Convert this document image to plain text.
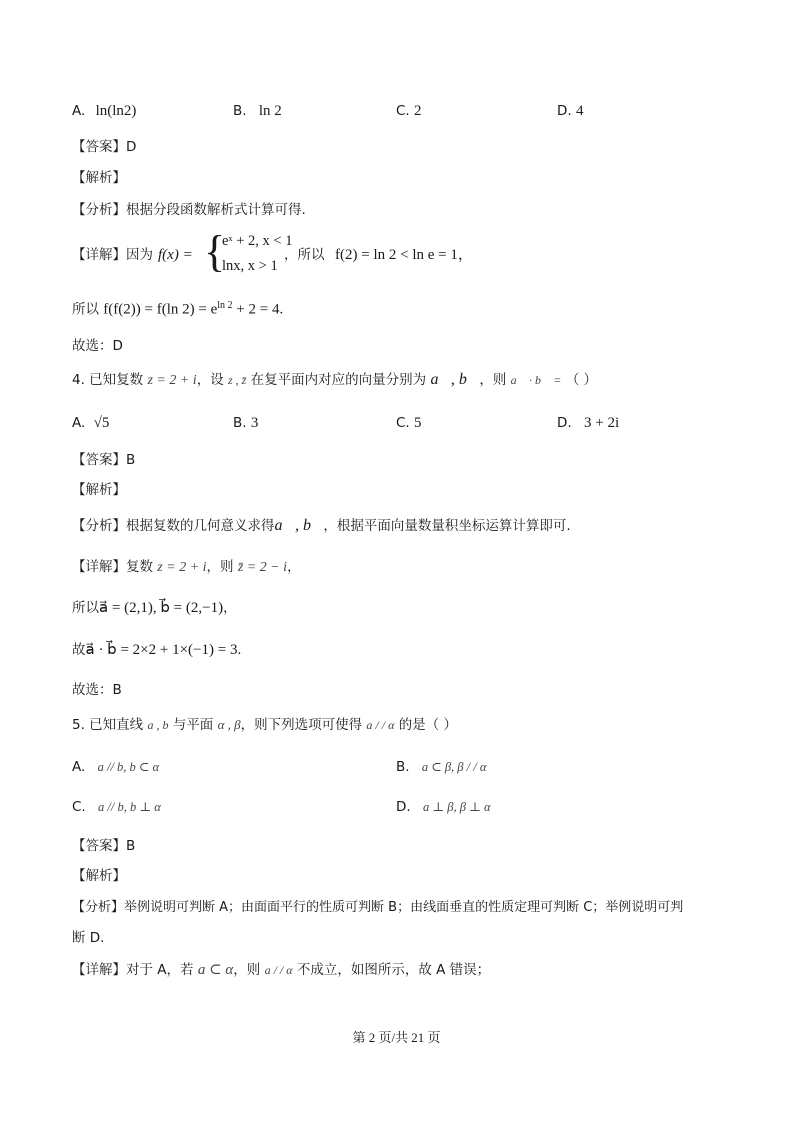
A. ln(ln2)	B. ln 2	C. 2	D. 4
【答案】D
【解析】
【分析】根据分段函数解析式计算可得.
【详解】因为 f(x) = {
eˣ + 2, x < 1
lnx, x > 1
，所以 f(2) = ln 2 < ln e = 1，
所以 f(f(2)) = f(ln $2) = e^{ln 2} + 2 = 4$.
故选：D
4. 已知复数 z = 2 + i，设 z , z̄ 在复平面内对应的向量分别为 a⃗, b⃗，则 a⃗ · b⃗ = （ ）
A. √5	B. 3	C. 5	D. 3 + 2i
【答案】B
【解析】
【分析】根据复数的几何意义求得a⃗, b⃗，根据平面向量数量积坐标运算计算即可.
【详解】复数 z = 2 + i，则 z̄ = 2 − i，
所以a⃗ = (2,1), b⃗ = (2,−1)，
故a⃗ · b⃗ = 2×2 + 1×(−1) = 3.
故选：B
5. 已知直线 a , b 与平面 α , β，则下列选项可使得 a / / α 的是（ ）
A. a // b, b ⊂ α	B. a ⊂ β, β / / α
C. a // b, b ⊥ α	D. a ⊥ β, β ⊥ α
【答案】B
【解析】
【分析】举例说明可判断 A；由面面平行的性质可判断 B；由线面垂直的性质定理可判断 C；举例说明可判
断 D.
【详解】对于 A，若 a ⊂ α，则 a / / α 不成立，如图所示，故 A 错误；
第 2 页/共 21 页
